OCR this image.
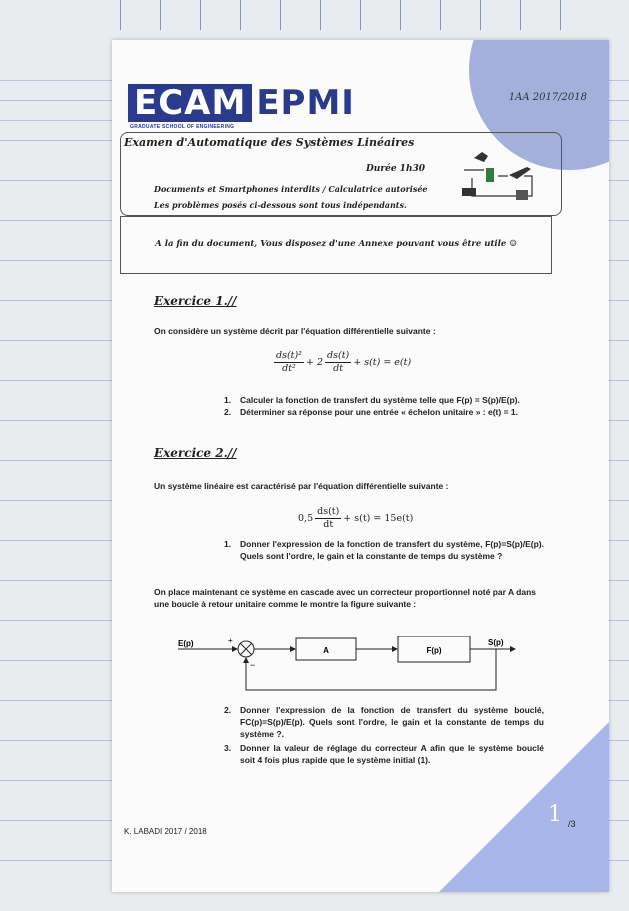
ECAM EPMI
GRADUATE SCHOOL OF ENGINEERING
1AA 2017/2018
Examen d'Automatique des Systèmes Linéaires
Durée 1h30
Documents et Smartphones interdits / Calculatrice autorisée
Les problèmes posés ci-dessous sont tous indépendants.
A la fin du document, Vous disposez d'une Annexe pouvant vous être utile ☺
Exercice 1.//
On considère un système décrit par l'équation différentielle suivante :
$\frac{\text{ds(t)²}}{\text{dt²}} + 2 \frac{ds(t)}{dt} + s(t) = e(t)$
1.	Calculer la fonction de transfert du système telle que F(p) = S(p)/E(p).
2.	Déterminer sa réponse pour une entrée « échelon unitaire » : e(t) = 1.
Exercice 2.//
Un système linéaire est caractérisé par l'équation différentielle suivante :
$0,5 \frac{ds(t)}{dt} + s(t) = 15e(t)$
1.	Donner l'expression de la fonction de transfert du système, F(p)=S(p)/E(p). Quels sont l'ordre, le gain et la constante de temps du système ?
On place maintenant ce système en cascade avec un correcteur proportionnel noté par A dans une boucle à retour unitaire comme le montre la figure suivante :
E(p)	+
−
A	F(p)
S(p)
2.	Donner l'expression de la fonction de transfert du système bouclé, FC(p)=S(p)/E(p). Quels sont l'ordre, le gain et la constante de temps du système ?.
3.	Donner la valeur de réglage du correcteur A afin que le système bouclé soit 4 fois plus rapide que le système initial (1).
K. LABADI 2017 / 2018
1 /3
